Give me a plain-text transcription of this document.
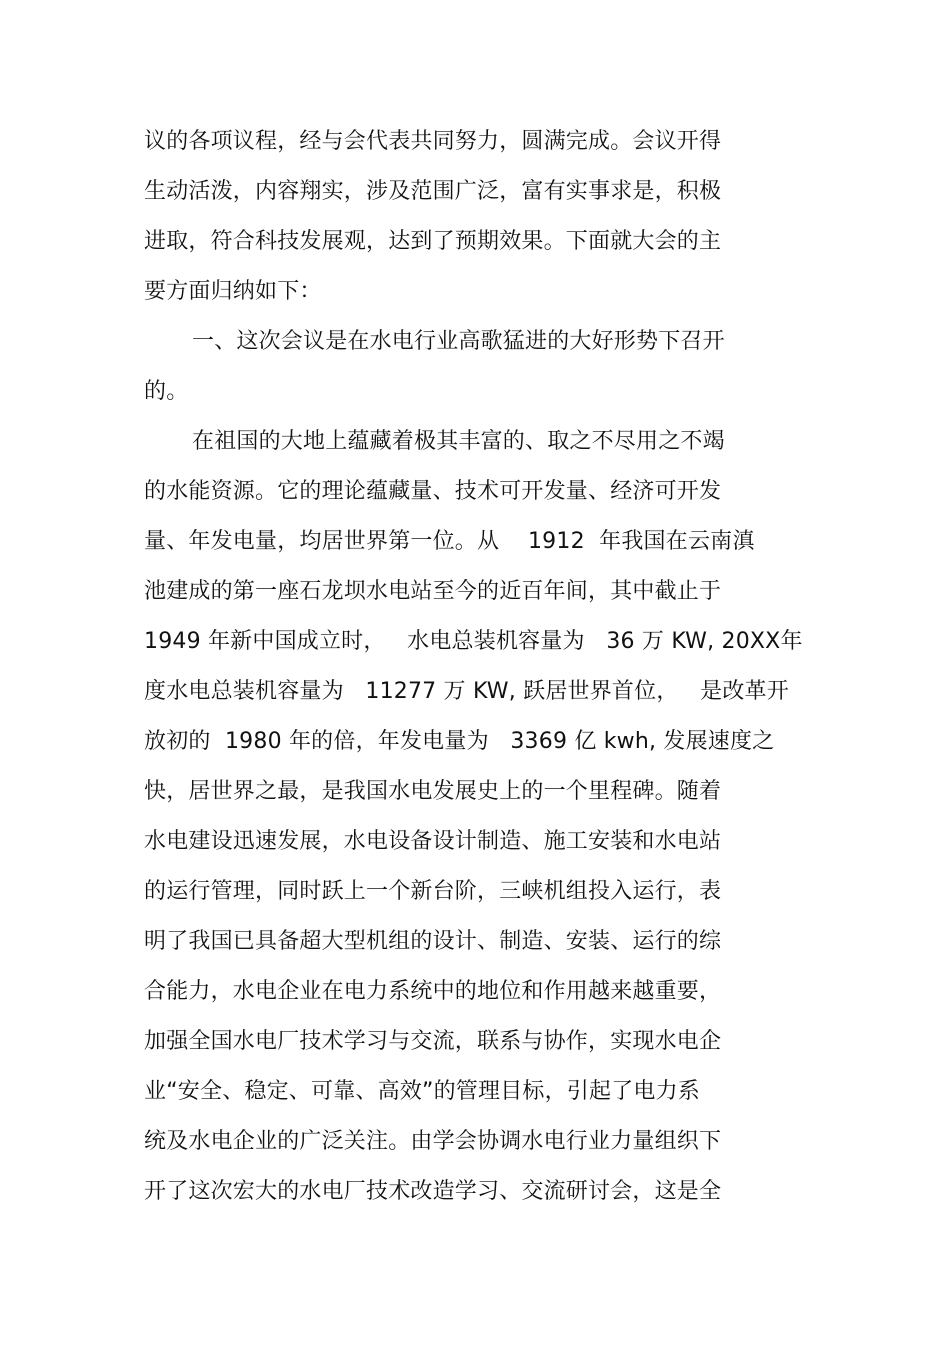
议的各项议程，经与会代表共同努力，圆满完成。会议开得
生动活泼，内容翔实，涉及范围广泛，富有实事求是，积极
进取，符合科技发展观，达到了预期效果。下面就大会的主
要方面归纳如下：
一、这次会议是在水电行业高歌猛进的大好形势下召开
的。
在祖国的大地上蕴藏着极其丰富的、取之不尽用之不竭
的水能资源。它的理论蕴藏量、技术可开发量、经济可开发
量、年发电量，均居世界第一位。从    1912  年我国在云南滇
池建成的第一座石龙坝水电站至今的近百年间，其中截止于
1949 年新中国成立时，   水电总装机容量为   36 万 KW, 20XX年
度水电总装机容量为   11277 万 KW, 跃居世界首位，   是改革开
放初的  1980 年的倍，年发电量为   3369 亿 kwh, 发展速度之
快，居世界之最，是我国水电发展史上的一个里程碑。随着
水电建设迅速发展，水电设备设计制造、施工安装和水电站
的运行管理，同时跃上一个新台阶，三峡机组投入运行，表
明了我国已具备超大型机组的设计、制造、安装、运行的综
合能力，水电企业在电力系统中的地位和作用越来越重要，
加强全国水电厂技术学习与交流，联系与协作，实现水电企
业“安全、稳定、可靠、高效”的管理目标，引起了电力系
统及水电企业的广泛关注。由学会协调水电行业力量组织下
开了这次宏大的水电厂技术改造学习、交流研讨会，这是全
